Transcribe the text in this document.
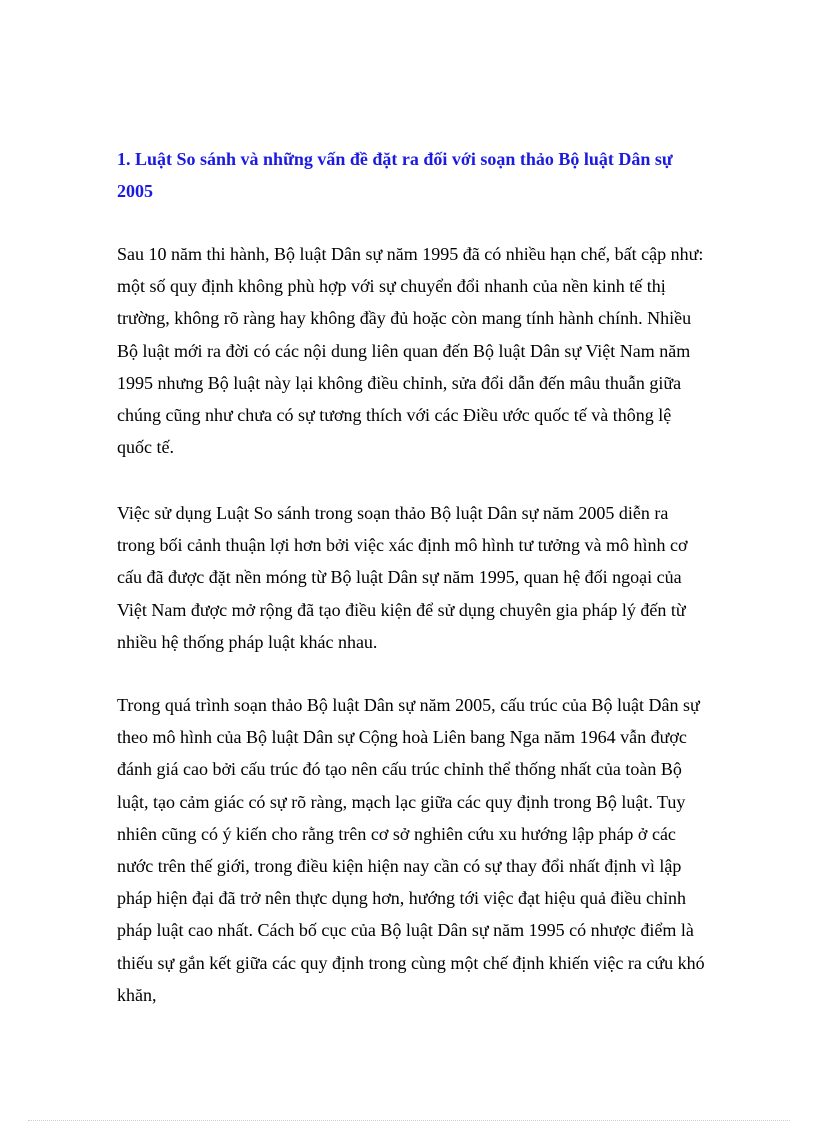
1. Luật So sánh và những vấn đề đặt ra đối với soạn thảo Bộ luật Dân sự 2005

Sau 10 năm thi hành, Bộ luật Dân sự năm 1995 đã có nhiều hạn chế, bất cập như: một số quy định không phù hợp với sự chuyển đổi nhanh của nền kinh tế thị trường, không rõ ràng hay không đầy đủ hoặc còn mang tính hành chính. Nhiều Bộ luật mới ra đời có các nội dung liên quan đến Bộ luật Dân sự Việt Nam năm 1995 nhưng Bộ luật này lại không điều chỉnh, sửa đổi dẫn đến mâu thuẫn giữa chúng cũng như chưa có sự tương thích với các Điều ước quốc tế và thông lệ quốc tế.

Việc sử dụng Luật So sánh trong soạn thảo Bộ luật Dân sự năm 2005 diễn ra trong bối cảnh thuận lợi hơn bởi việc xác định mô hình tư tưởng và mô hình cơ cấu đã được đặt nền móng từ Bộ luật Dân sự năm 1995, quan hệ đối ngoại của Việt Nam được mở rộng đã tạo điều kiện để sử dụng chuyên gia pháp lý đến từ nhiều hệ thống pháp luật khác nhau.

Trong quá trình soạn thảo Bộ luật Dân sự năm 2005, cấu trúc của Bộ luật Dân sự theo mô hình của Bộ luật Dân sự Cộng hoà Liên bang Nga năm 1964 vẫn được đánh giá cao bởi cấu trúc đó tạo nên cấu trúc chỉnh thể thống nhất của toàn Bộ luật, tạo cảm giác có sự rõ ràng, mạch lạc giữa các quy định trong Bộ luật. Tuy nhiên cũng có ý kiến cho rằng trên cơ sở nghiên cứu xu hướng lập pháp ở các nước trên thế giới, trong điều kiện hiện nay cần có sự thay đổi nhất định vì lập pháp hiện đại đã trở nên thực dụng hơn, hướng tới việc đạt hiệu quả điều chỉnh pháp luật cao nhất. Cách bố cục của Bộ luật Dân sự năm 1995 có nhược điểm là thiếu sự gắn kết giữa các quy định trong cùng một chế định khiến việc ra cứu khó khăn,
